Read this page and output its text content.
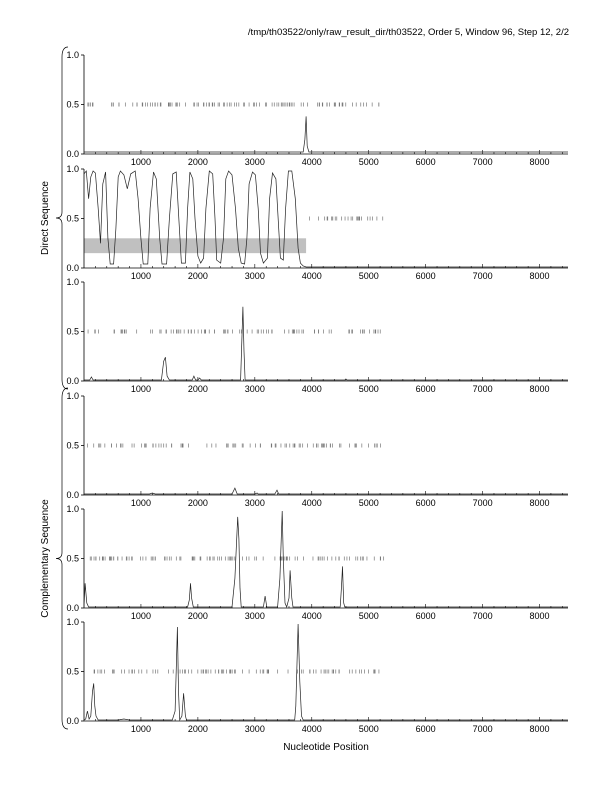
/tmp/th03522/only/raw_result_dir/th03522, Order 5, Window 96, Step 12, 2/2
0.0
0.5
1.0
1000	2000	3000	4000	5000	6000	7000	8000
0.0
0.5
1.0
1000	2000	3000	4000	5000	6000	7000	8000
0.0
0.5
1.0
1000	2000	3000	4000	5000	6000	7000	8000
0.0
0.5
1.0
1000	2000	3000	4000	5000	6000	7000	8000
0.0
0.5
1.0
1000	2000	3000	4000	5000	6000	7000	8000
0.0
0.5
1.0
1000	2000	3000	4000	5000	6000	7000	8000
Direct Sequence
Complementary Sequence
Nucleotide Position
